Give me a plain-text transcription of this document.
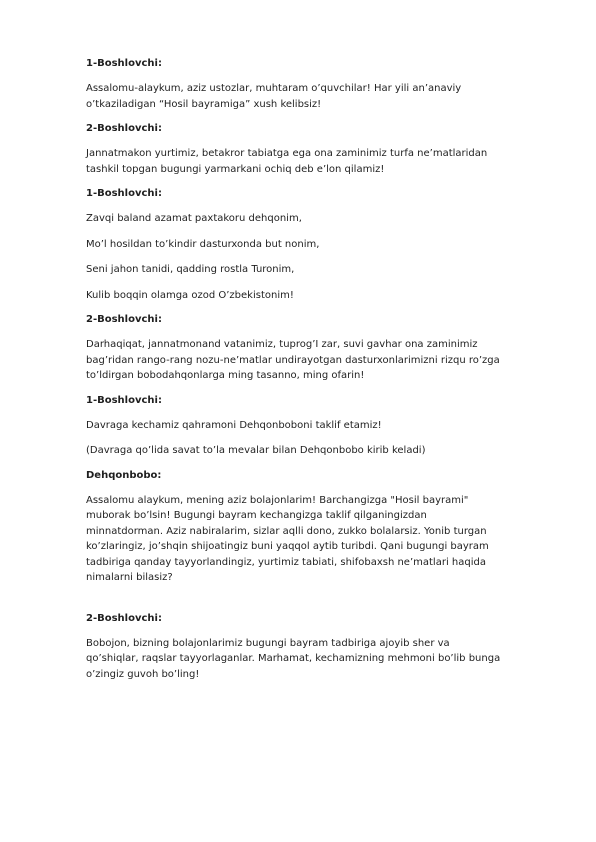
1-Boshlovchi:

Assalomu-alaykum, aziz ustozlar, muhtaram o’quvchilar! Har yili an’anaviy
o’tkaziladigan “Hosil bayramiga” xush kelibsiz!

2-Boshlovchi:

Jannatmakon yurtimiz, betakror tabiatga ega ona zaminimiz turfa ne’matlaridan
tashkil topgan bugungi yarmarkani ochiq deb e’lon qilamiz!

1-Boshlovchi:

Zavqi baland azamat paxtakoru dehqonim,

Mo’l hosildan to’kindir dasturxonda but nonim,

Seni jahon tanidi, qadding rostla Turonim,

Kulib boqqin olamga ozod O’zbekistonim!

2-Boshlovchi:

Darhaqiqat, jannatmonand vatanimiz, tuprog’I zar, suvi gavhar ona zaminimiz
bag’ridan rango-rang nozu-ne’matlar undirayotgan dasturxonlarimizni rizqu ro’zga
to’ldirgan bobodahqonlarga ming tasanno, ming ofarin!

1-Boshlovchi:

Davraga kechamiz qahramoni Dehqonboboni taklif etamiz!

(Davraga qo’lida savat to’la mevalar bilan Dehqonbobo kirib keladi)

Dehqonbobo:

Assalomu alaykum, mening aziz bolajonlarim! Barchangizga "Hosil bayrami"
muborak bo’lsin! Bugungi bayram kechangizga taklif qilganingizdan
minnatdorman. Aziz nabiralarim, sizlar aqlli dono, zukko bolalarsiz. Yonib turgan
ko’zlaringiz, jo’shqin shijoatingiz buni yaqqol aytib turibdi. Qani bugungi bayram
tadbiriga qanday tayyorlandingiz, yurtimiz tabiati, shifobaxsh ne’matlari haqida
nimalarni bilasiz?

2-Boshlovchi:

Bobojon, bizning bolajonlarimiz bugungi bayram tadbiriga ajoyib sher va
qo’shiqlar, raqslar tayyorlaganlar. Marhamat, kechamizning mehmoni bo’lib bunga
o’zingiz guvoh bo’ling!
